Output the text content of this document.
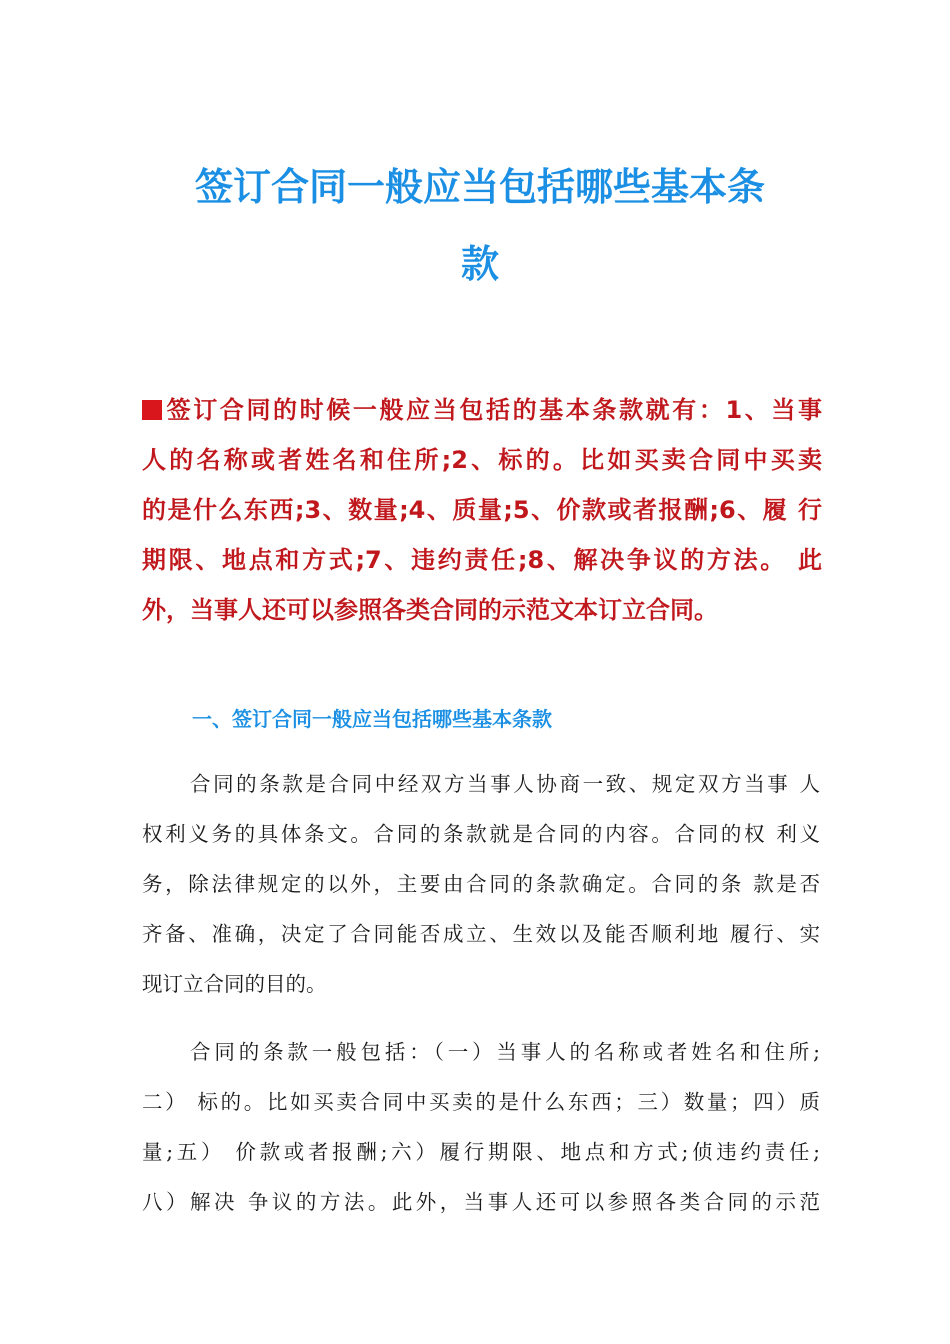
签订合同一般应当包括哪些基本条
款
签订合同的时候一般应当包括的基本条款就有：1、当事
人的名称或者姓名和住所;2、标的。比如买卖合同中买卖
的是什么东西;3、数量;4、质量;5、价款或者报酬;6、履 行
期限、地点和方式;7、违约责任;8、解决争议的方法。 此
外，当事人还可以参照各类合同的示范文本订立合同。
一、签订合同一般应当包括哪些基本条款
合同的条款是合同中经双方当事人协商一致、规定双方当事 人
权利义务的具体条文。合同的条款就是合同的内容。合同的权 利义
务，除法律规定的以外，主要由合同的条款确定。合同的条 款是否
齐备、准确，决定了合同能否成立、生效以及能否顺利地 履行、实
现订立合同的目的。
合同的条款一般包括：（一）当事人的名称或者姓名和住所;
二） 标的。比如买卖合同中买卖的是什么东西；三）数量；四）质
量;五） 价款或者报酬;六）履行期限、地点和方式;侦违约责任;
八）解决 争议的方法。此外，当事人还可以参照各类合同的示范
